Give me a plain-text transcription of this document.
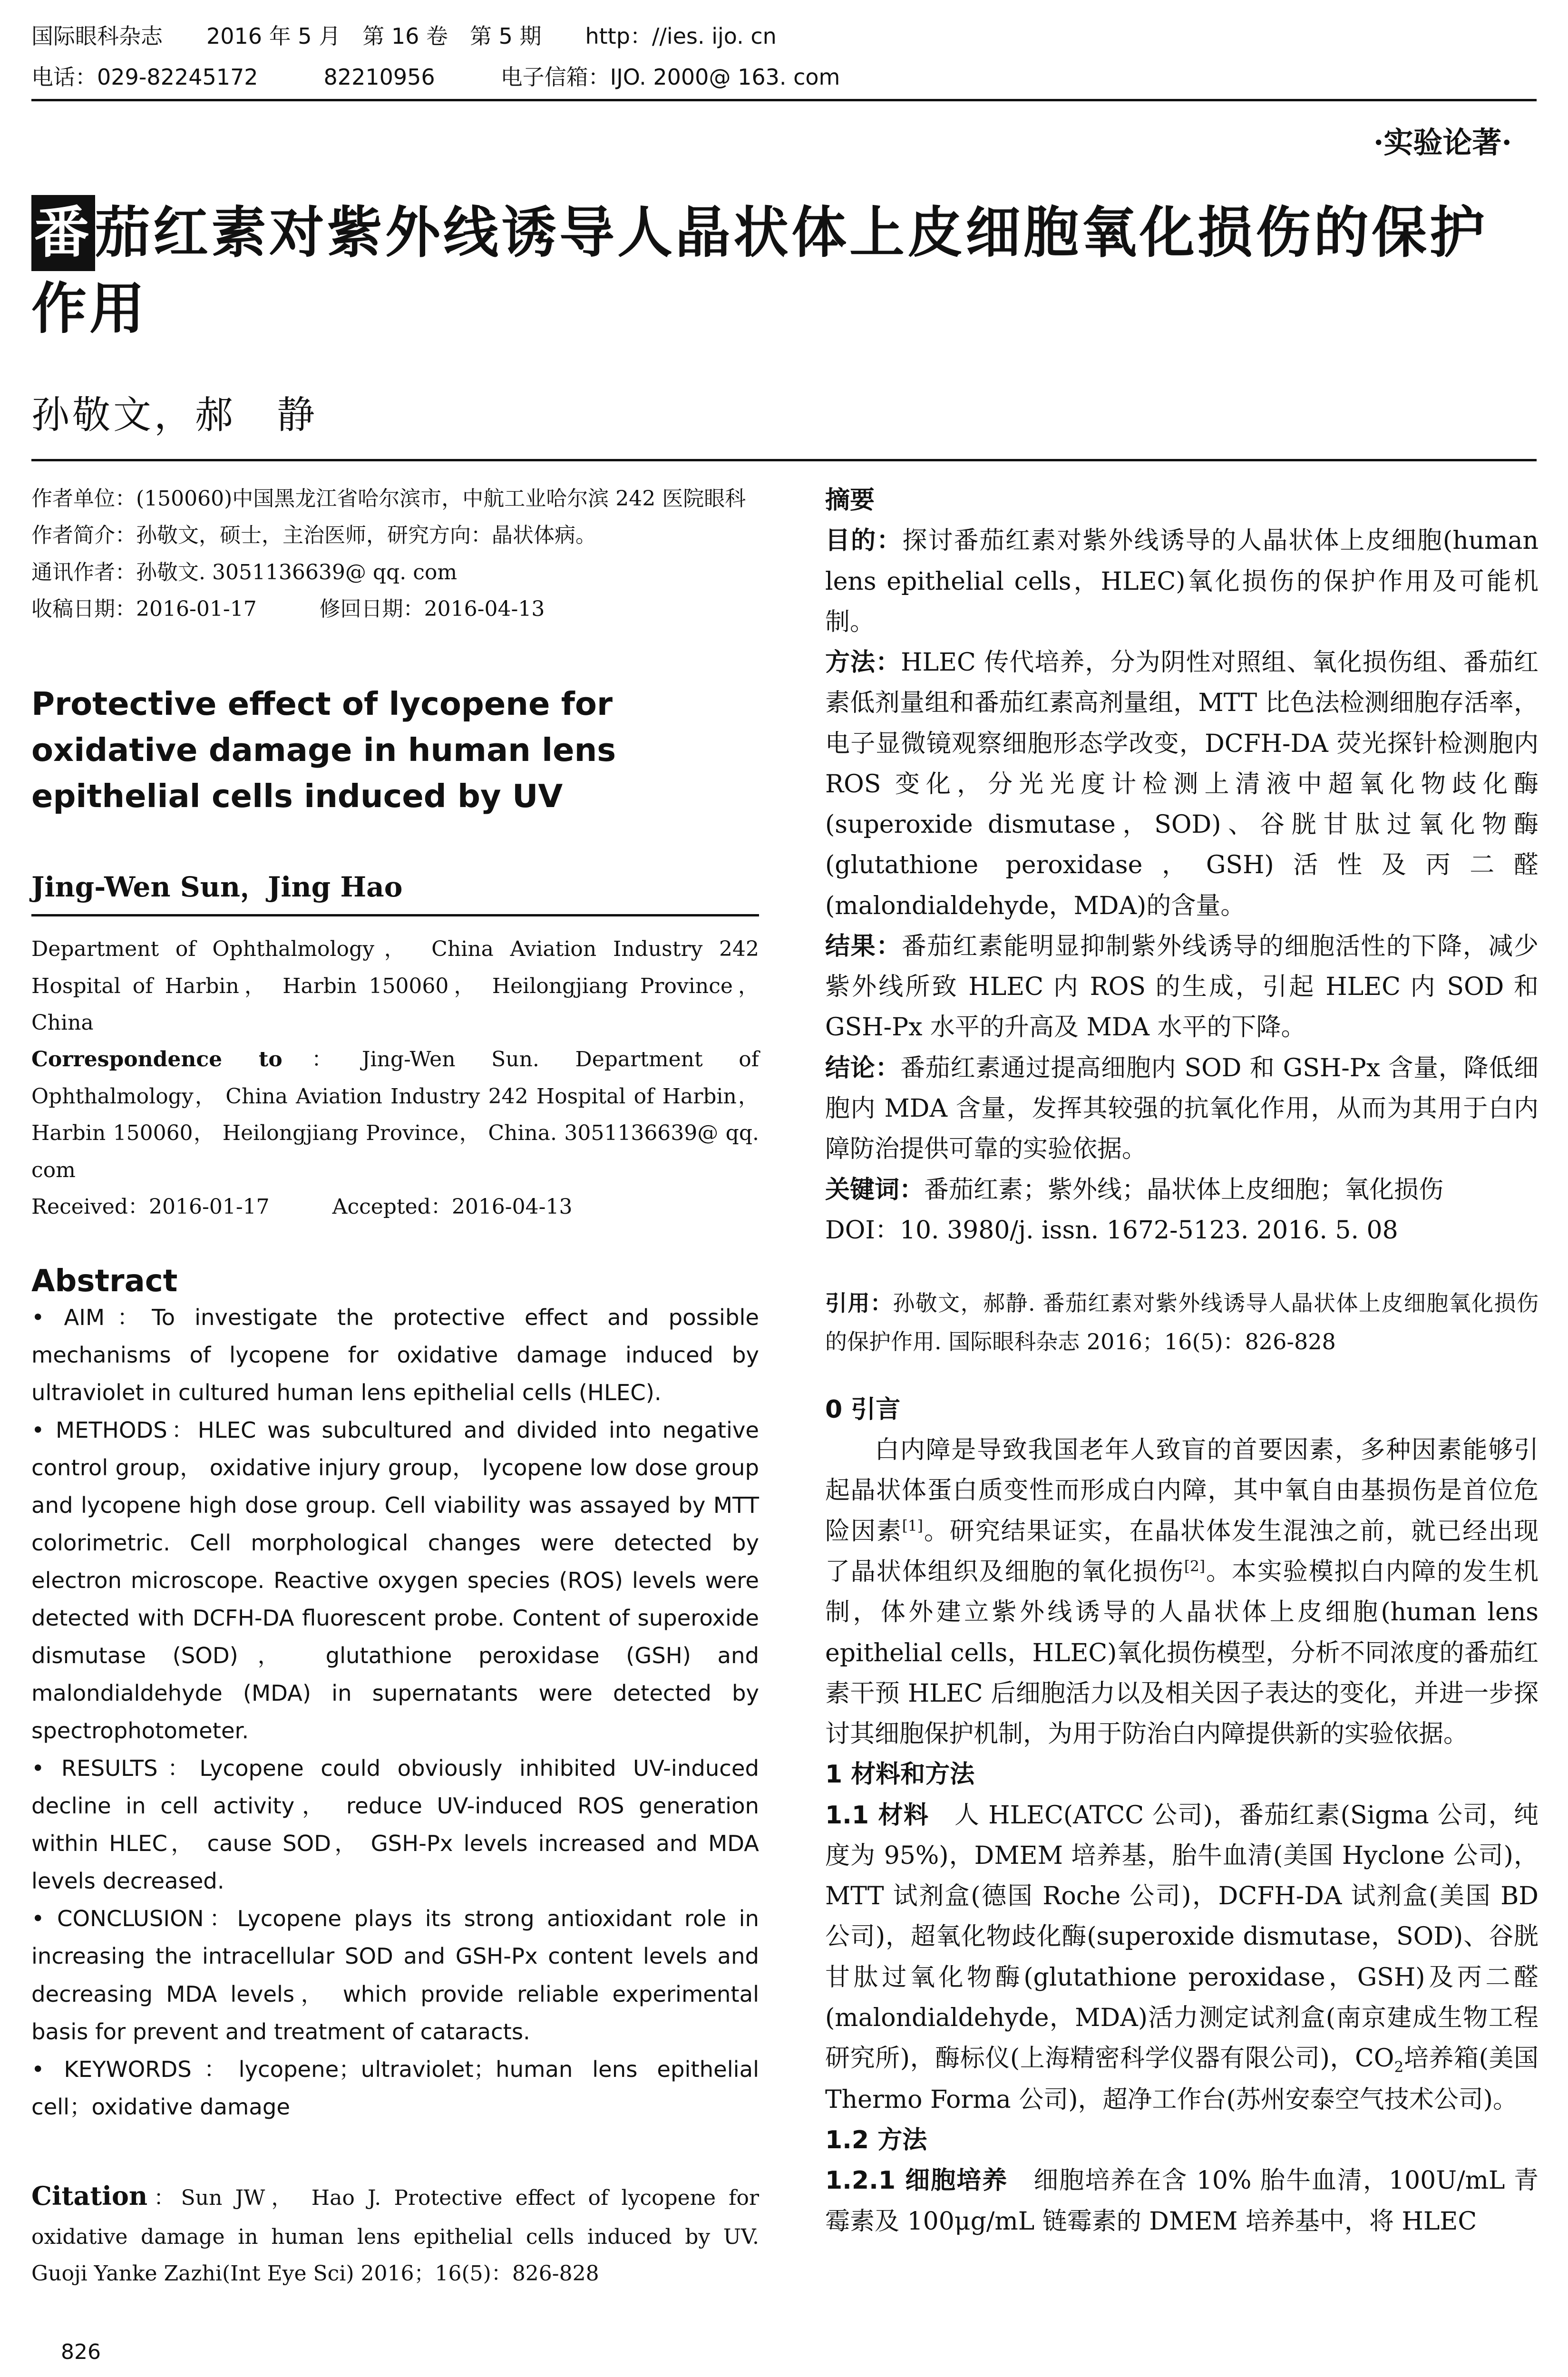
国际眼科杂志　　2016 年 5 月　第 16 卷　第 5 期　　http：//ies. ijo. cn
电话：029-82245172　　　82210956　　　电子信箱：IJO. 2000@ 163. com
·实验论著·
番茄红素对紫外线诱导人晶状体上皮细胞氧化损伤的保护作用
孙敬文，郝　静

作者单位：(150060)中国黑龙江省哈尔滨市，中航工业哈尔滨 242 医院眼科

作者简介：孙敬文，硕士，主治医师，研究方向：晶状体病。

通讯作者：孙敬文. 3051136639@ qq. com

收稿日期：2016-01-17　　　修回日期：2016-04-13

Protective effect of lycopene for oxidative damage in human lens epithelial cells induced by UV

Jing-Wen Sun，Jing Hao

Department of Ophthalmology， China Aviation Industry 242 Hospital of Harbin， Harbin 150060， Heilongjiang Province， China

Correspondence to：Jing-Wen Sun. Department of Ophthalmology， China Aviation Industry 242 Hospital of Harbin， Harbin 150060， Heilongjiang Province， China. 3051136639@ qq. com

Received：2016-01-17　　　Accepted：2016-04-13

Abstract

• AIM：To investigate the protective effect and possible mechanisms of lycopene for oxidative damage induced by ultraviolet in cultured human lens epithelial cells (HLEC).

• METHODS：HLEC was subcultured and divided into negative control group， oxidative injury group， lycopene low dose group and lycopene high dose group. Cell viability was assayed by MTT colorimetric. Cell morphological changes were detected by electron microscope. Reactive oxygen species (ROS) levels were detected with DCFH-DA fluorescent probe. Content of superoxide dismutase (SOD)， glutathione peroxidase (GSH) and malondialdehyde (MDA) in supernatants were detected by spectrophotometer.

• RESULTS：Lycopene could obviously inhibited UV-induced decline in cell activity， reduce UV-induced ROS generation within HLEC， cause SOD， GSH-Px levels increased and MDA levels decreased.

• CONCLUSION：Lycopene plays its strong antioxidant role in increasing the intracellular SOD and GSH-Px content levels and decreasing MDA levels， which provide reliable experimental basis for prevent and treatment of cataracts.

• KEYWORDS：lycopene；ultraviolet；human lens epithelial cell；oxidative damage

Citation：Sun JW， Hao J. Protective effect of lycopene for oxidative damage in human lens epithelial cells induced by UV. Guoji Yanke Zazhi(Int Eye Sci) 2016；16(5)：826-828

摘要

目的：探讨番茄红素对紫外线诱导的人晶状体上皮细胞(human lens epithelial cells，HLEC)氧化损伤的保护作用及可能机制。

方法：HLEC 传代培养，分为阴性对照组、氧化损伤组、番茄红素低剂量组和番茄红素高剂量组，MTT 比色法检测细胞存活率，电子显微镜观察细胞形态学改变，DCFH-DA 荧光探针检测胞内 ROS 变化，分光光度计检测上清液中超氧化物歧化酶(superoxide dismutase，SOD)、谷胱甘肽过氧化物酶(glutathione peroxidase，GSH)活性及丙二醛(malondialdehyde，MDA)的含量。

结果：番茄红素能明显抑制紫外线诱导的细胞活性的下降，减少紫外线所致 HLEC 内 ROS 的生成，引起 HLEC 内 SOD 和 GSH-Px 水平的升高及 MDA 水平的下降。

结论：番茄红素通过提高细胞内 SOD 和 GSH-Px 含量，降低细胞内 MDA 含量，发挥其较强的抗氧化作用，从而为其用于白内障防治提供可靠的实验依据。

关键词：番茄红素；紫外线；晶状体上皮细胞；氧化损伤

DOI：10. 3980/j. issn. 1672-5123. 2016. 5. 08

引用：孙敬文，郝静. 番茄红素对紫外线诱导人晶状体上皮细胞氧化损伤的保护作用. 国际眼科杂志 2016；16(5)：826-828

0 引言

白内障是导致我国老年人致盲的首要因素，多种因素能够引起晶状体蛋白质变性而形成白内障，其中氧自由基损伤是首位危险因素[1]。研究结果证实，在晶状体发生混浊之前，就已经出现了晶状体组织及细胞的氧化损伤[2]。本实验模拟白内障的发生机制，体外建立紫外线诱导的人晶状体上皮细胞(human lens epithelial cells，HLEC)氧化损伤模型，分析不同浓度的番茄红素干预 HLEC 后细胞活力以及相关因子表达的变化，并进一步探讨其细胞保护机制，为用于防治白内障提供新的实验依据。

1 材料和方法

1.1 材料　人 HLEC(ATCC 公司)，番茄红素(Sigma 公司，纯度为 95%)，DMEM 培养基，胎牛血清(美国 Hyclone 公司)，MTT 试剂盒(德国 Roche 公司)，DCFH-DA 试剂盒(美国 BD 公司)，超氧化物歧化酶(superoxide dismutase，SOD)、谷胱甘肽过氧化物酶(glutathione peroxidase，GSH)及丙二醛(malondialdehyde，MDA)活力测定试剂盒(南京建成生物工程研究所)，酶标仪(上海精密科学仪器有限公司)，$CO_2$培养箱(美国 Thermo Forma 公司)，超净工作台(苏州安泰空气技术公司)。

1.2 方法

1.2.1 细胞培养　细胞培养在含 10% 胎牛血清，100U/mL 青霉素及 100μg/mL 链霉素的 DMEM 培养基中，将 HLEC

826
